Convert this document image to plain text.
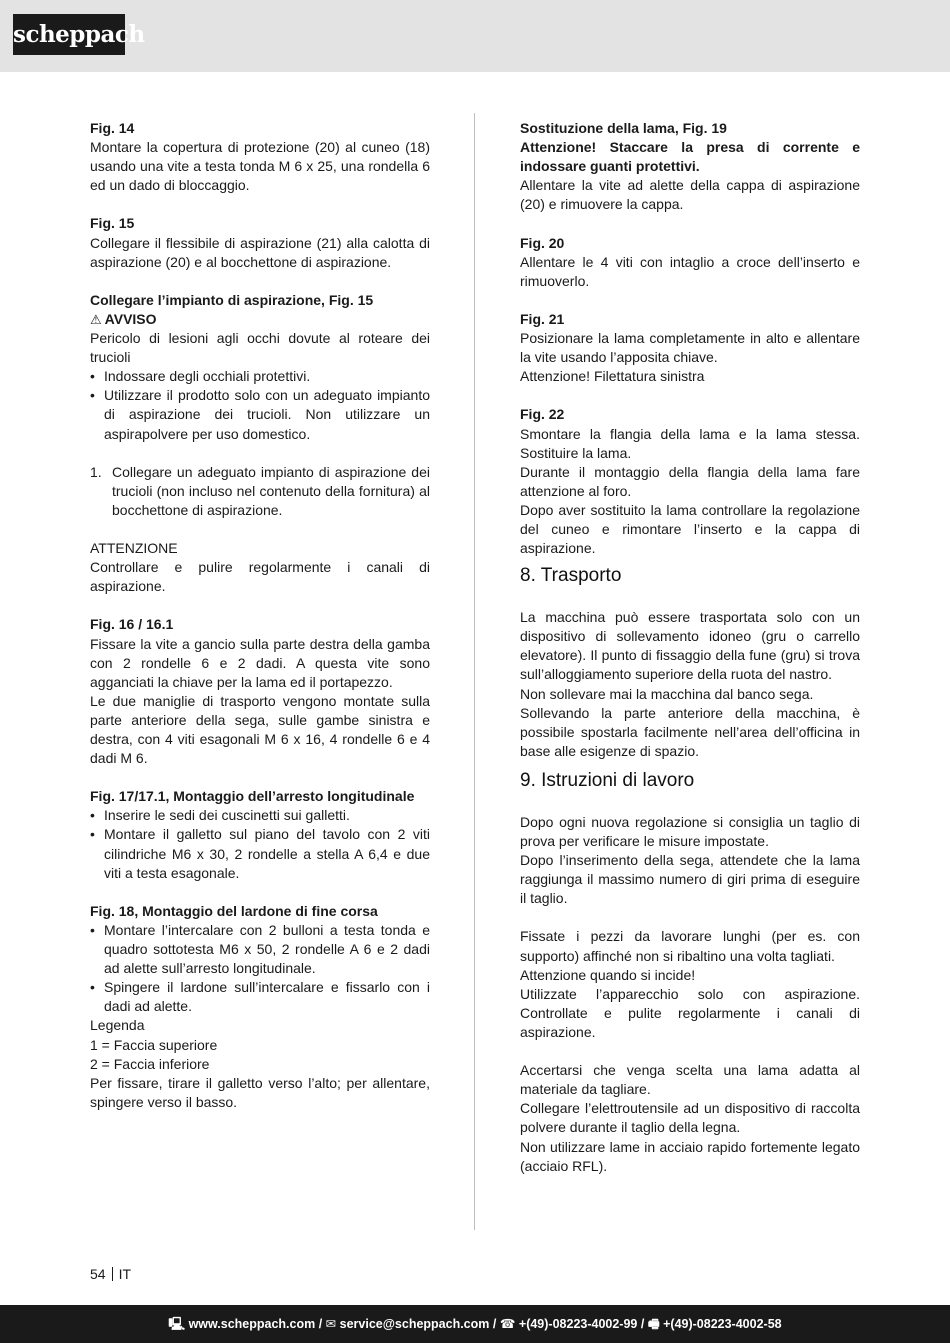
scheppach

Fig. 14

Montare la copertura di protezione (20) al cuneo (18) usando una vite a testa tonda M 6 x 25, una rondella 6 ed un dado di bloccaggio.

Fig. 15

Collegare il flessibile di aspirazione (21) alla calotta di aspirazione (20) e al bocchettone di aspirazione.

Collegare l’impianto di aspirazione, Fig. 15

⚠ AVVISO

Pericolo di lesioni agli occhi dovute al roteare dei trucioli

• Indossare degli occhiali protettivi.

• Utilizzare il prodotto solo con un adeguato impianto di aspirazione dei trucioli. Non utilizzare un aspirapolvere per uso domestico.

1. Collegare un adeguato impianto di aspirazione dei trucioli (non incluso nel contenuto della fornitura) al bocchettone di aspirazione.

ATTENZIONE

Controllare e pulire regolarmente i canali di aspirazione.

Fig. 16 / 16.1

Fissare la vite a gancio sulla parte destra della gamba con 2 rondelle 6 e 2 dadi. A questa vite sono agganciati la chiave per la lama ed il portapezzo.

Le due maniglie di trasporto vengono montate sulla parte anteriore della sega, sulle gambe sinistra e destra, con 4 viti esagonali M 6 x 16, 4 rondelle 6 e 4 dadi M 6.

Fig. 17/17.1, Montaggio dell’arresto longitudinale

• Inserire le sedi dei cuscinetti sui galletti.

• Montare il galletto sul piano del tavolo con 2 viti cilindriche M6 x 30, 2 rondelle a stella A 6,4 e due viti a testa esagonale.

Fig. 18, Montaggio del lardone di fine corsa

• Montare l’intercalare con 2 bulloni a testa tonda e quadro sottotesta M6 x 50, 2 rondelle A 6 e 2 dadi ad alette sull’arresto longitudinale.

• Spingere il lardone sull’intercalare e fissarlo con i dadi ad alette.

Legenda

1 = Faccia superiore

2 = Faccia inferiore

Per fissare, tirare il galletto verso l’alto; per allentare, spingere verso il basso.

Sostituzione della lama, Fig. 19

Attenzione! Staccare la presa di corrente e indossare guanti protettivi.

Allentare la vite ad alette della cappa di aspirazione (20) e rimuovere la cappa.

Fig. 20

Allentare le 4 viti con intaglio a croce dell’inserto e rimuoverlo.

Fig. 21

Posizionare la lama completamente in alto e allentare la vite usando l’apposita chiave.

Attenzione! Filettatura sinistra

Fig. 22

Smontare la flangia della lama e la lama stessa. Sostituire la lama.

Durante il montaggio della flangia della lama fare attenzione al foro.

Dopo aver sostituito la lama controllare la regolazione del cuneo e rimontare l’inserto e la cappa di aspirazione.

8. Trasporto

La macchina può essere trasportata solo con un dispositivo di sollevamento idoneo (gru o carrello elevatore). Il punto di fissaggio della fune (gru) si trova sull’alloggiamento superiore della ruota del nastro.

Non sollevare mai la macchina dal banco sega.

Sollevando la parte anteriore della macchina, è possibile spostarla facilmente nell’area dell’officina in base alle esigenze di spazio.

9. Istruzioni di lavoro

Dopo ogni nuova regolazione si consiglia un taglio di prova per verificare le misure impostate.

Dopo l’inserimento della sega, attendete che la lama raggiunga il massimo numero di giri prima di eseguire il taglio.

Fissate i pezzi da lavorare lunghi (per es. con supporto) affinché non si ribaltino una volta tagliati.

Attenzione quando si incide!

Utilizzate l’apparecchio solo con aspirazione. Controllate e pulite regolarmente i canali di aspirazione.

Accertarsi che venga scelta una lama adatta al materiale da tagliare.

Collegare l’elettroutensile ad un dispositivo di raccolta polvere durante il taglio della legna.

Non utilizzare lame in acciaio rapido fortemente legato (acciaio RFL).

54 IT
🖳 www.scheppach.com / ✉ service@scheppach.com / ☎ +(49)-08223-4002-99 / 🖷 +(49)-08223-4002-58
